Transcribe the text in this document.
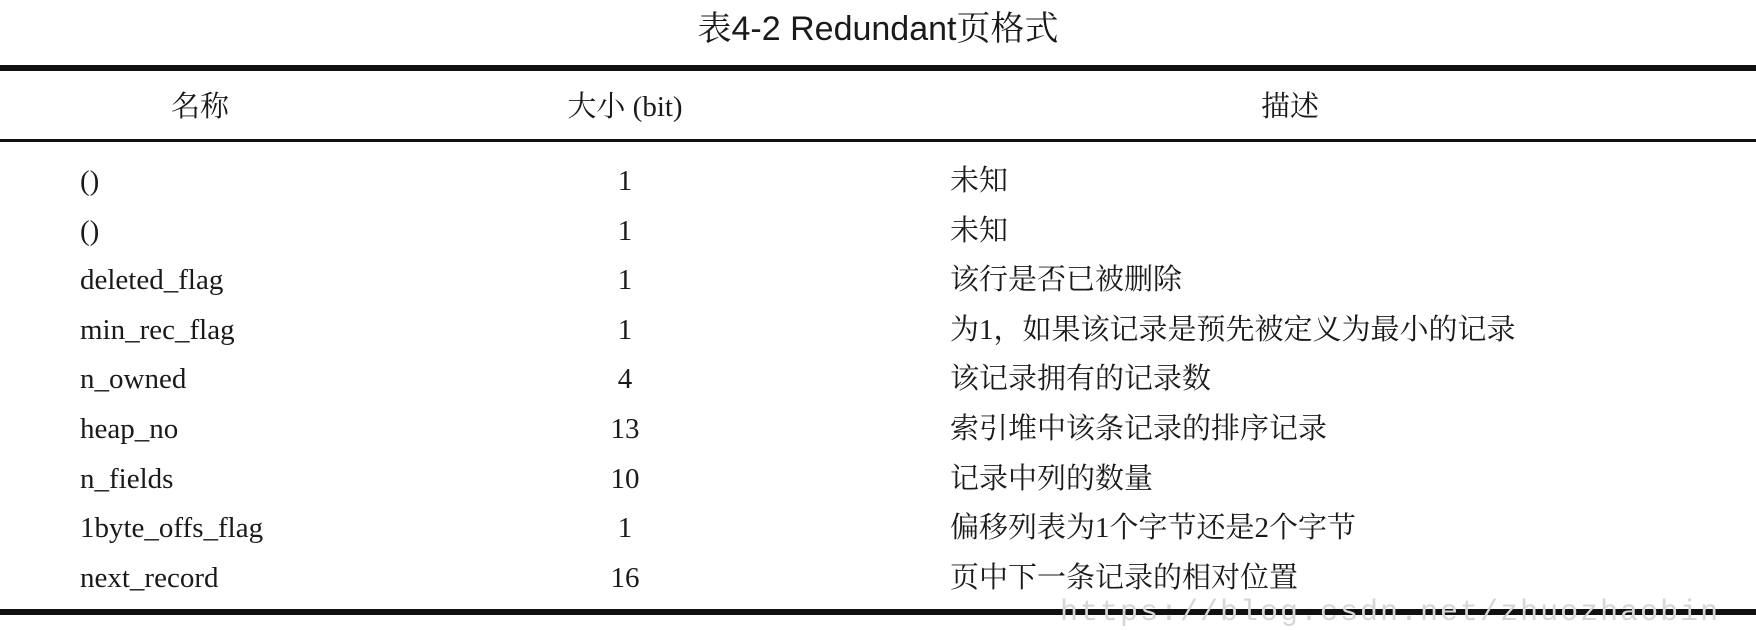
表4-2 Redundant页格式
名称	大小 (bit)	描述
()	1	未知
()	1	未知
deleted_flag	1	该行是否已被删除
min_rec_flag	1	为1，如果该记录是预先被定义为最小的记录
n_owned	4	该记录拥有的记录数
heap_no	13	索引堆中该条记录的排序记录
n_fields	10	记录中列的数量
1byte_offs_flag	1	偏移列表为1个字节还是2个字节
next_record	16	页中下一条记录的相对位置
https://blog.csdn.net/zhuozhaobin
